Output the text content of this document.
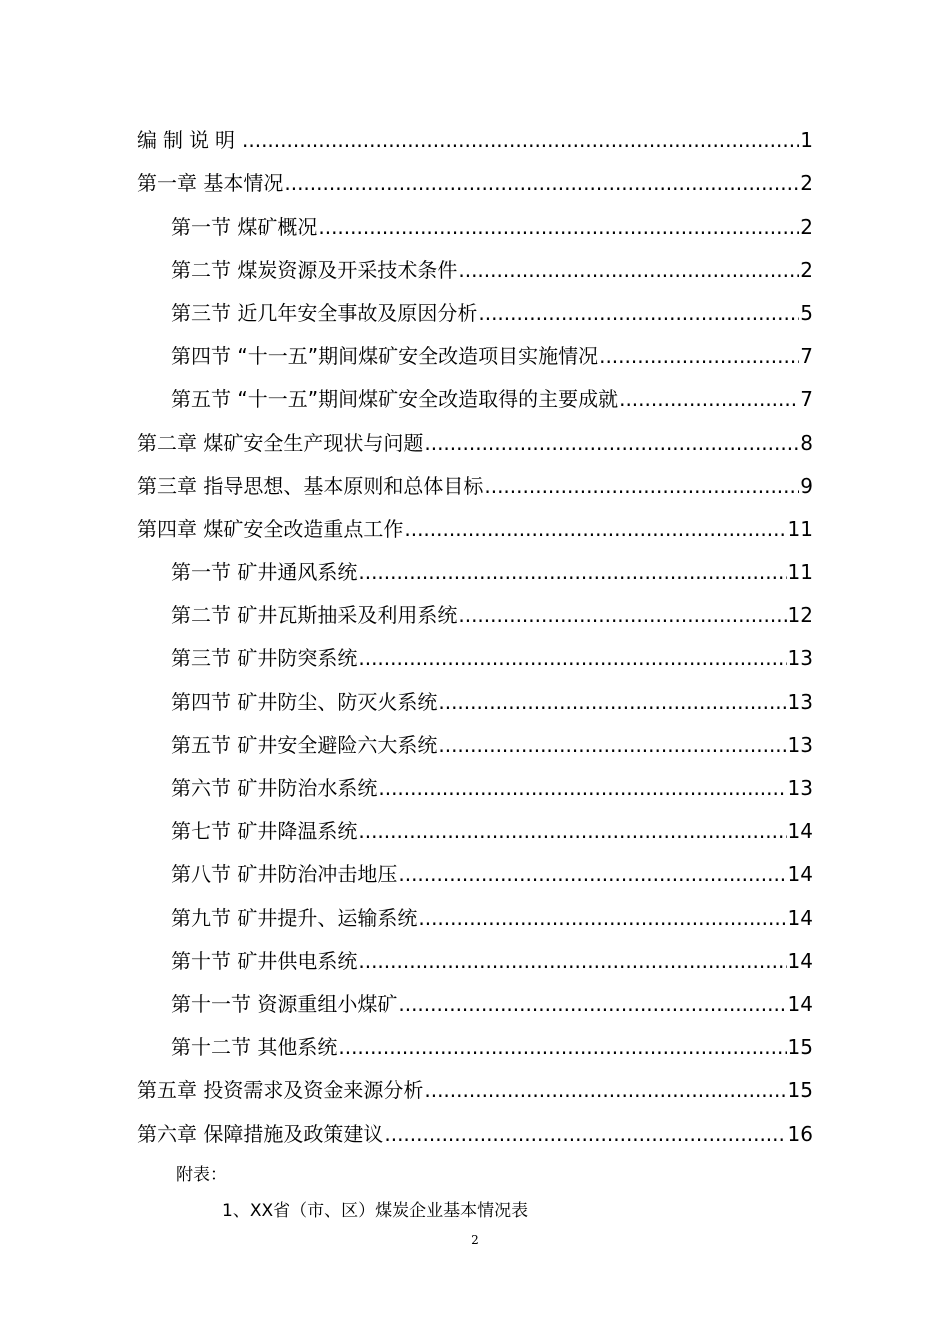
编制说明 .....	1
第一章 基本情况 .....	2
第一节 煤矿概况 .....	2
第二节 煤炭资源及开采技术条件 .....	2
第三节 近几年安全事故及原因分析 .....	5
第四节 “十一五”期间煤矿安全改造项目实施情况 .....	7
第五节 “十一五”期间煤矿安全改造取得的主要成就 .....	7
第二章 煤矿安全生产现状与问题 .....	8
第三章 指导思想、基本原则和总体目标 .....	9
第四章 煤矿安全改造重点工作 .....	11
第一节 矿井通风系统 .....	11
第二节 矿井瓦斯抽采及利用系统 .....	12
第三节 矿井防突系统 .....	13
第四节 矿井防尘、防灭火系统 .....	13
第五节 矿井安全避险六大系统 .....	13
第六节 矿井防治水系统 .....	13
第七节 矿井降温系统 .....	14
第八节 矿井防治冲击地压 .....	14
第九节 矿井提升、运输系统 .....	14
第十节 矿井供电系统 .....	14
第十一节 资源重组小煤矿 .....	14
第十二节 其他系统 .....	15
第五章 投资需求及资金来源分析 .....	15
第六章 保障措施及政策建议 .....	16
附表：
1、XX省（市、区）煤炭企业基本情况表
2
